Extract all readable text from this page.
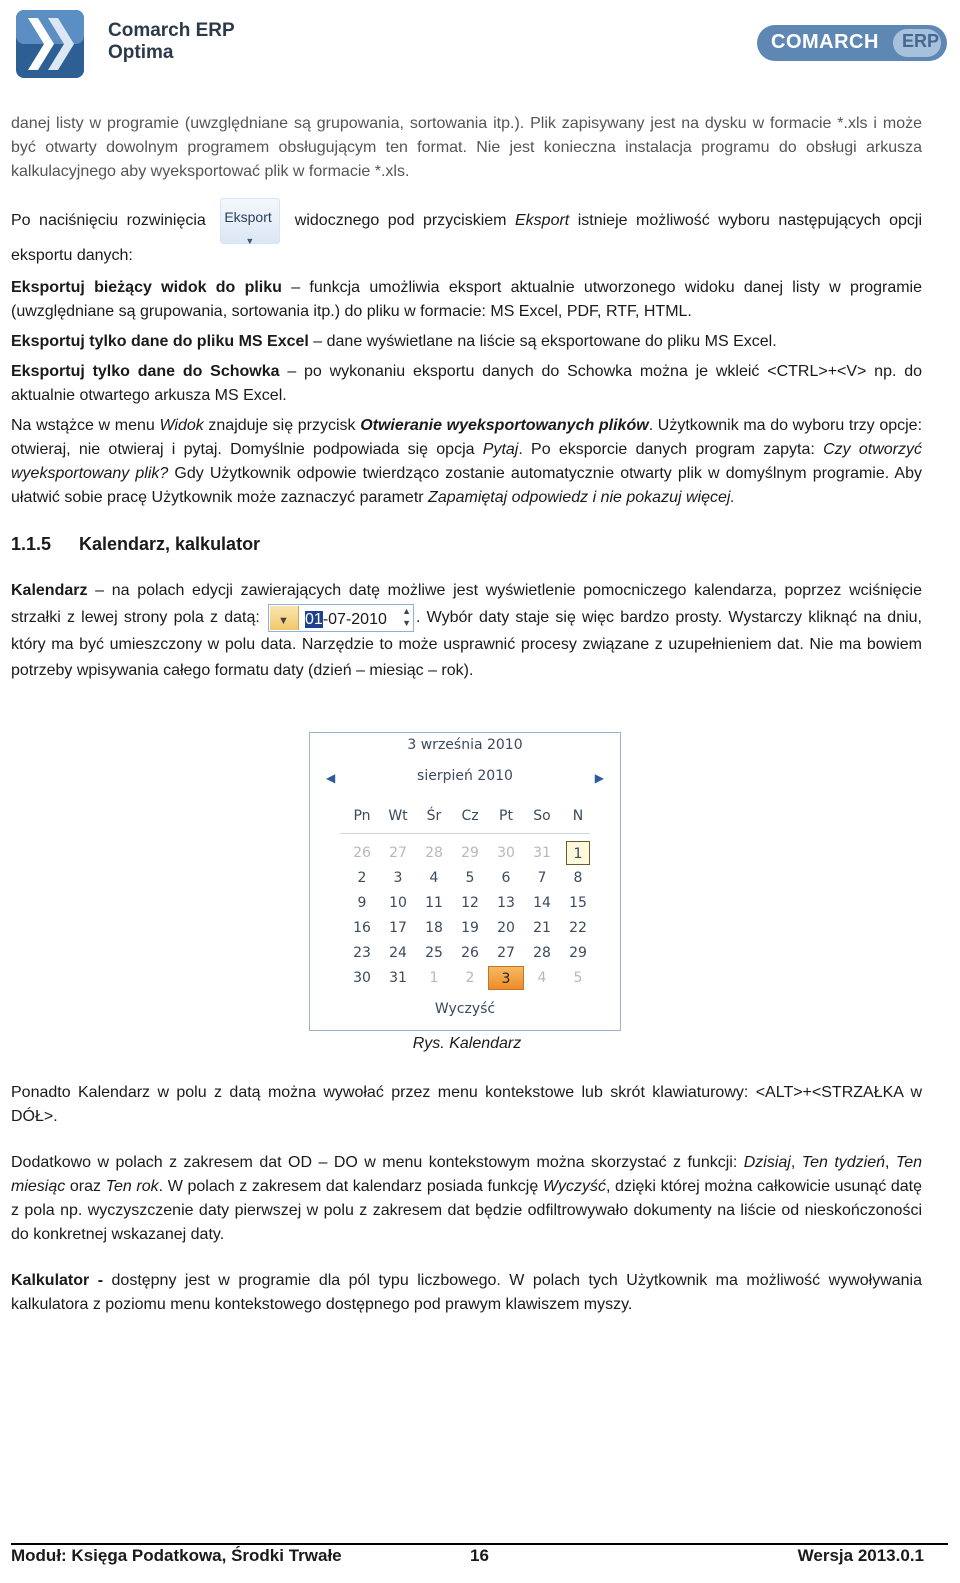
Comarch ERP
Optima	COMARCH ERP

danej listy w programie (uwzględniane są grupowania, sortowania itp.). Plik zapisywany jest na dysku w formacie *.xls i może być otwarty dowolnym programem obsługującym ten format. Nie jest konieczna instalacja programu do obsługi arkusza kalkulacyjnego aby wyeksportować plik w formacie *.xls.

Po naciśnięciu rozwinięcia Eksport
▼
widocznego pod przyciskiem Eksport istnieje możliwość wyboru następujących opcji eksportu danych:

Eksportuj bieżący widok do pliku – funkcja umożliwia eksport aktualnie utworzonego widoku danej listy w programie (uwzględniane są grupowania, sortowania itp.) do pliku w formacie: MS Excel, PDF, RTF, HTML.

Eksportuj tylko dane do pliku MS Excel – dane wyświetlane na liście są eksportowane do pliku MS Excel.

Eksportuj tylko dane do Schowka – po wykonaniu eksportu danych do Schowka można je wkleić <CTRL>+<V> np. do aktualnie otwartego arkusza MS Excel.

Na wstążce w menu Widok znajduje się przycisk Otwieranie wyeksportowanych plików. Użytkownik ma do wyboru trzy opcje: otwieraj, nie otwieraj i pytaj. Domyślnie podpowiada się opcja Pytaj. Po eksporcie danych program zapyta: Czy otworzyć wyeksportowany plik? Gdy Użytkownik odpowie twierdząco zostanie automatycznie otwarty plik w domyślnym programie. Aby ułatwić sobie pracę Użytkownik może zaznaczyć parametr Zapamiętaj odpowiedz i nie pokazuj więcej.

1.1.5 Kalendarz, kalkulator

Kalendarz – na polach edycji zawierających datę możliwe jest wyświetlenie pomocniczego kalendarza, poprzez wciśnięcie strzałki z lewej strony pola z datą: ▼ 01-07-2010 ▲
▼ . Wybór daty staje się więc bardzo prosty. Wystarczy kliknąć na dniu, który ma być umieszczony w polu data. Narzędzie to może usprawnić procesy związane z uzupełnieniem dat. Nie ma bowiem potrzeby wpisywania całego formatu daty (dzień – miesiąc – rok).

3 września 2010
◀	sierpień 2010	▶
Pn	Wt	Śr	Cz	Pt	So	N
26	27	28	29	30	31	1
2	3	4	5	6	7	8
9	10	11	12	13	14	15
16	17	18	19	20	21	22
23	24	25	26	27	28	29
30	31	1	2	3	4	5
Wyczyść
Rys. Kalendarz

Ponadto Kalendarz w polu z datą można wywołać przez menu kontekstowe lub skrót klawiaturowy: <ALT>+<STRZAŁKA w DÓŁ>.

Dodatkowo w polach z zakresem dat OD – DO w menu kontekstowym można skorzystać z funkcji: Dzisiaj, Ten tydzień, Ten miesiąc oraz Ten rok. W polach z zakresem dat kalendarz posiada funkcję Wyczyść, dzięki której można całkowicie usunąć datę z pola np. wyczyszczenie daty pierwszej w polu z zakresem dat będzie odfiltrowywało dokumenty na liście od nieskończoności do konkretnej wskazanej daty.

Kalkulator - dostępny jest w programie dla pól typu liczbowego. W polach tych Użytkownik ma możliwość wywoływania kalkulatora z poziomu menu kontekstowego dostępnego pod prawym klawiszem myszy.

Moduł: Księga Podatkowa, Środki Trwałe	16	Wersja 2013.0.1
